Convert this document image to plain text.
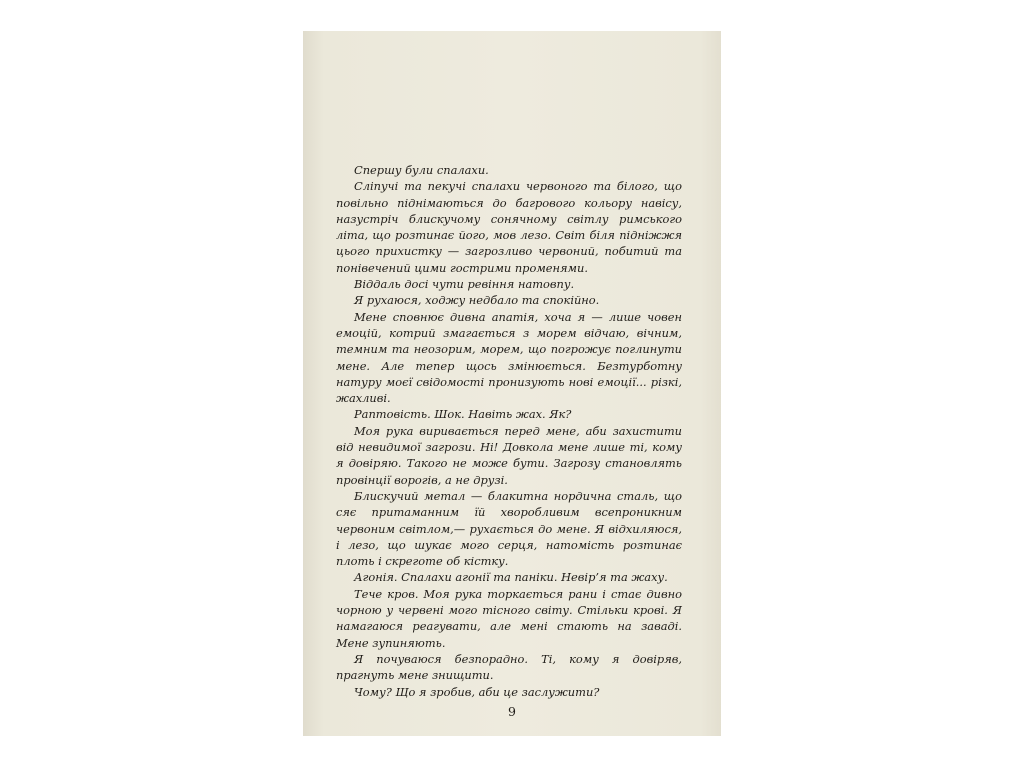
Спершу були спалахи.

Сліпучі та пекучі спалахи червоного та білого, що повільно піднімаються до багрового кольору навісу, назустріч блискучому сонячному світлу римського літа, що розтинає його, мов лезо. Світ біля підніжжя цього прихистку — загрозливо червоний, побитий та понівечений цими гострими променями.

Віддаль досі чути ревіння натовпу.

Я рухаюся, ходжу недбало та спокійно.

Мене сповнює дивна апатія, хоча я — лише човен емоцій, котрий змагається з морем відчаю, вічним, темним та неозорим, морем, що погрожує поглинути мене. Але тепер щось змінюється. Безтурботну натуру моєї свідомості пронизують нові емоції... різкі, жахливі.

Раптовість. Шок. Навіть жах. Як?

Моя рука виривається перед мене, аби захистити від невидимої загрози. Ні! Довкола мене лише ті, кому я довіряю. Такого не може бути. Загрозу становлять провінції ворогів, а не друзі.

Блискучий метал — блакитна нордична сталь, що сяє притаманним їй хворобливим всепроникним червоним світлом,— рухається до мене. Я відхиляюся, і лезо, що шукає мого серця, натомість розтинає плоть і скреготе об кістку.

Агонія. Спалахи агонії та паніки. Невір’я та жаху.

Тече кров. Моя рука торкається рани і стає дивно чорною у червені мого тісного світу. Стільки крові. Я намагаюся реагувати, але мені стають на заваді. Мене зупиняють.

Я почуваюся безпорадно. Ті, кому я довіряв, прагнуть мене знищити.

Чому? Що я зробив, аби це заслужити?

9
